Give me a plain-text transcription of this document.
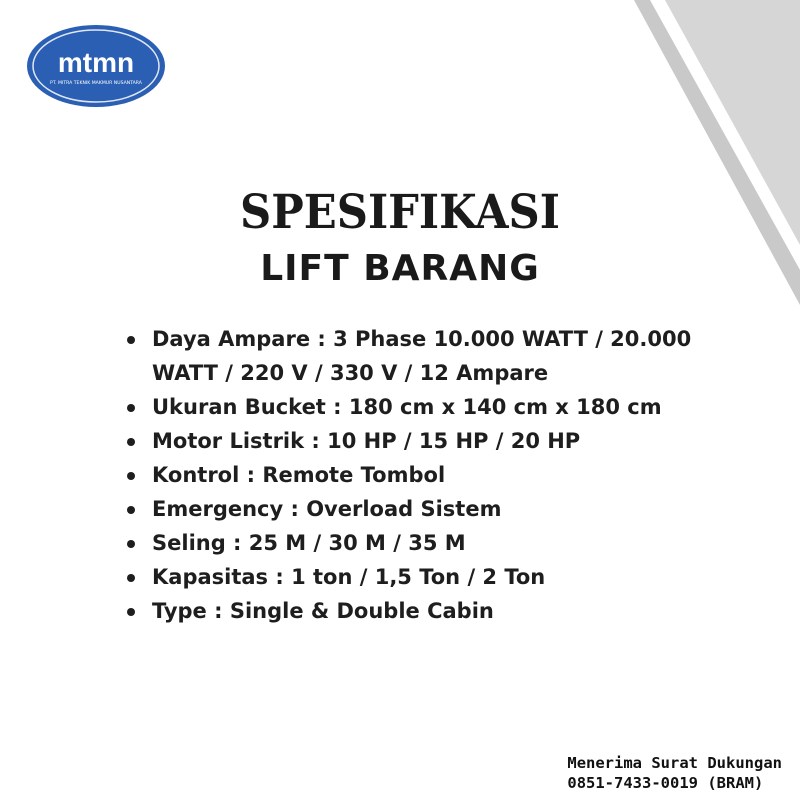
mtmn
PT. MITRA TEKNIK MAKMUR NUSANTARA
SPESIFIKASI
LIFT BARANG
Daya Ampare : 3 Phase 10.000 WATT / 20.000 WATT / 220 V / 330 V / 12 Ampare
Ukuran Bucket : 180 cm x 140 cm x 180 cm
Motor Listrik : 10 HP / 15 HP / 20 HP
Kontrol : Remote Tombol
Emergency : Overload Sistem
Seling : 25 M / 30 M / 35 M
Kapasitas : 1 ton / 1,5 Ton / 2 Ton
Type : Single & Double Cabin
Menerima Surat Dukungan
0851-7433-0019 (BRAM)
